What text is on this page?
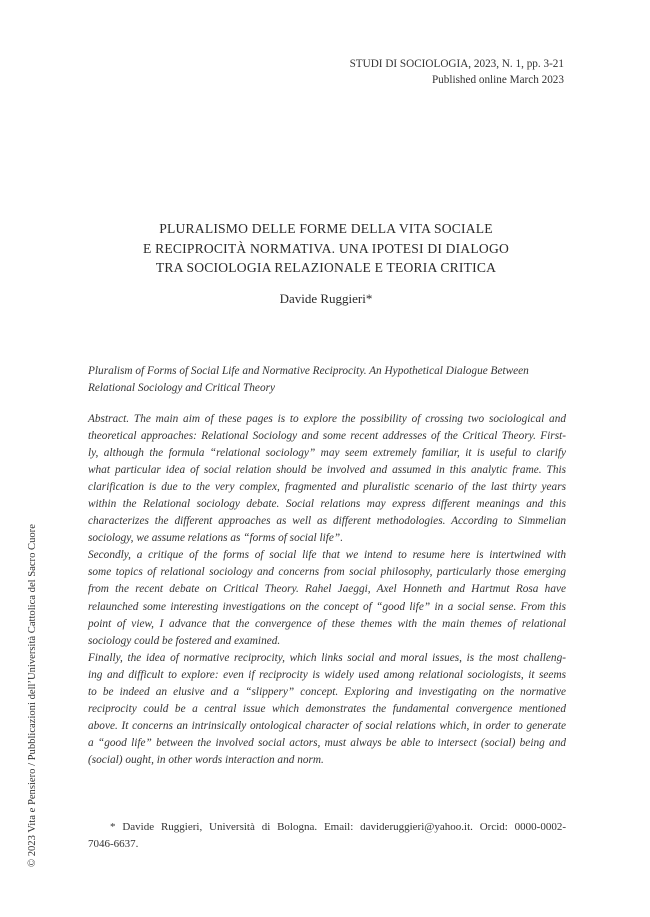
STUDI DI SOCIOLOGIA, 2023, N. 1, pp. 3-21
Published online March 2023
PLURALISMO DELLE FORME DELLA VITA SOCIALE
E RECIPROCITÀ NORMATIVA. UNA IPOTESI DI DIALOGO
TRA SOCIOLOGIA RELAZIONALE E TEORIA CRITICA
Davide Ruggieri*
Pluralism of Forms of Social Life and Normative Reciprocity. An Hypothetical Dialogue Between
Relational Sociology and Critical Theory
Abstract. The main aim of these pages is to explore the possibility of crossing two sociological and
theoretical approaches: Relational Sociology and some recent addresses of the Critical Theory. First-
ly, although the formula “relational sociology” may seem extremely familiar, it is useful to clarify
what particular idea of social relation should be involved and assumed in this analytic frame. This
clarification is due to the very complex, fragmented and pluralistic scenario of the last thirty years
within the Relational sociology debate. Social relations may express different meanings and this
characterizes the different approaches as well as different methodologies. According to Simmelian
sociology, we assume relations as “forms of social life”.
Secondly, a critique of the forms of social life that we intend to resume here is intertwined with
some topics of relational sociology and concerns from social philosophy, particularly those emerging
from the recent debate on Critical Theory. Rahel Jaeggi, Axel Honneth and Hartmut Rosa have
relaunched some interesting investigations on the concept of “good life” in a social sense. From this
point of view, I advance that the convergence of these themes with the main themes of relational
sociology could be fostered and examined.
Finally, the idea of normative reciprocity, which links social and moral issues, is the most challeng-
ing and difficult to explore: even if reciprocity is widely used among relational sociologists, it seems
to be indeed an elusive and a “slippery” concept. Exploring and investigating on the normative
reciprocity could be a central issue which demonstrates the fundamental convergence mentioned
above. It concerns an intrinsically ontological character of social relations which, in order to generate
a “good life” between the involved social actors, must always be able to intersect (social) being and
(social) ought, in other words interaction and norm.
* Davide Ruggieri, Università di Bologna. Email: davideruggieri@yahoo.it. Orcid: 0000-0002-
7046-6637.
© 2023 Vita e Pensiero / Pubblicazioni dell’Università Cattolica del Sacro Cuore
